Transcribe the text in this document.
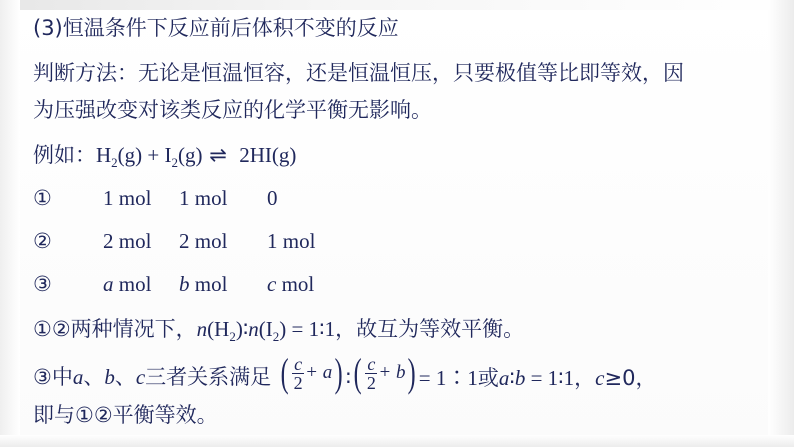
(3)恒温条件下反应前后体积不变的反应
判断方法：无论是恒温恒容，还是恒温恒压，只要极值等比即等效，因
为压强改变对该类反应的化学平衡无影响。
例如：$H_2(g) + I_2(g)$ ⇌ 2HI(g)
① 1 mol 1 mol 0
② 2 mol 2 mol 1 mol
③ a mol b mol c mol
①②两种情况下，$n(H_2)∶n(I_2)$ = 1∶1，故互为等效平衡。
③中a、b、c三者关系满足 ( $\frac{c}{2} + a$) ∶( $\frac{c}{2} + b$) = 1∶1或a∶b = 1∶1，c≥0，
即与①②平衡等效。
